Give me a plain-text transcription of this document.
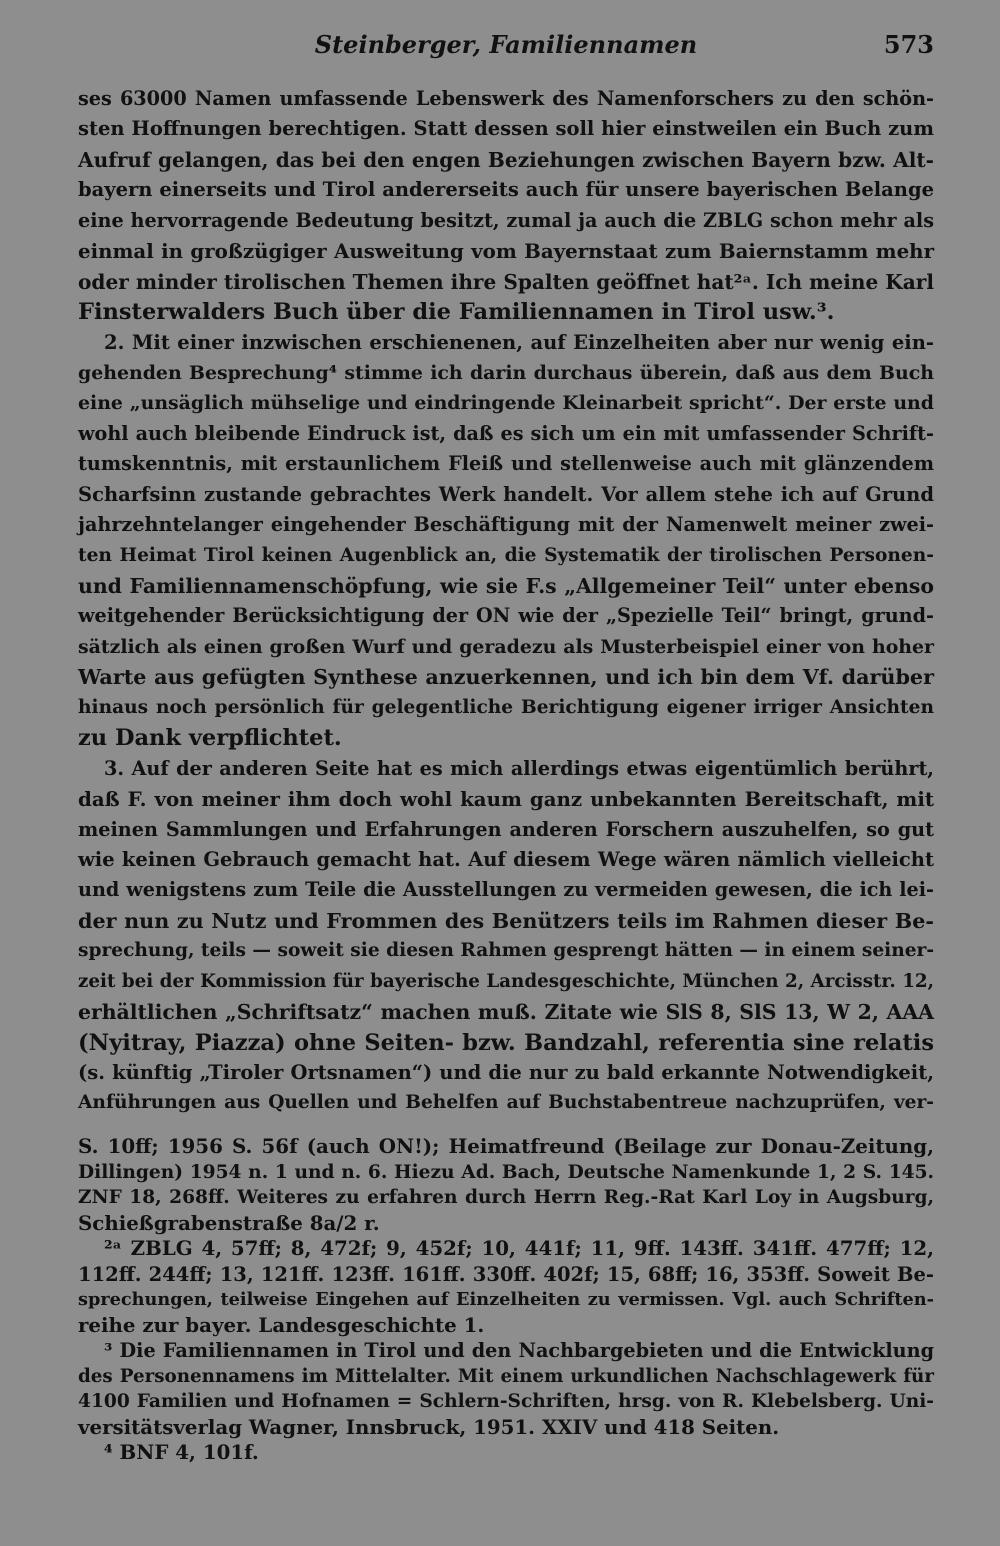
Steinberger, Familiennamen	573
ses 63000 Namen umfassende Lebenswerk des Namenforschers zu den schön-
sten Hoffnungen berechtigen. Statt dessen soll hier einstweilen ein Buch zum
Aufruf gelangen, das bei den engen Beziehungen zwischen Bayern bzw. Alt-
bayern einerseits und Tirol andererseits auch für unsere bayerischen Belange
eine hervorragende Bedeutung besitzt, zumal ja auch die ZBLG schon mehr als
einmal in großzügiger Ausweitung vom Bayernstaat zum Baiernstamm mehr
oder minder tirolischen Themen ihre Spalten geöffnet hat²ᵃ. Ich meine Karl
Finsterwalders Buch über die Familiennamen in Tirol usw.³.
2. Mit einer inzwischen erschienenen, auf Einzelheiten aber nur wenig ein-
gehenden Besprechung⁴ stimme ich darin durchaus überein, daß aus dem Buch
eine „unsäglich mühselige und eindringende Kleinarbeit spricht“. Der erste und
wohl auch bleibende Eindruck ist, daß es sich um ein mit umfassender Schrift-
tumskenntnis, mit erstaunlichem Fleiß und stellenweise auch mit glänzendem
Scharfsinn zustande gebrachtes Werk handelt. Vor allem stehe ich auf Grund
jahrzehntelanger eingehender Beschäftigung mit der Namenwelt meiner zwei-
ten Heimat Tirol keinen Augenblick an, die Systematik der tirolischen Personen-
und Familiennamenschöpfung, wie sie F.s „Allgemeiner Teil“ unter ebenso
weitgehender Berücksichtigung der ON wie der „Spezielle Teil“ bringt, grund-
sätzlich als einen großen Wurf und geradezu als Musterbeispiel einer von hoher
Warte aus gefügten Synthese anzuerkennen, und ich bin dem Vf. darüber
hinaus noch persönlich für gelegentliche Berichtigung eigener irriger Ansichten
zu Dank verpflichtet.
3. Auf der anderen Seite hat es mich allerdings etwas eigentümlich berührt,
daß F. von meiner ihm doch wohl kaum ganz unbekannten Bereitschaft, mit
meinen Sammlungen und Erfahrungen anderen Forschern auszuhelfen, so gut
wie keinen Gebrauch gemacht hat. Auf diesem Wege wären nämlich vielleicht
und wenigstens zum Teile die Ausstellungen zu vermeiden gewesen, die ich lei-
der nun zu Nutz und Frommen des Benützers teils im Rahmen dieser Be-
sprechung, teils — soweit sie diesen Rahmen gesprengt hätten — in einem seiner-
zeit bei der Kommission für bayerische Landesgeschichte, München 2, Arcisstr. 12,
erhältlichen „Schriftsatz“ machen muß. Zitate wie SlS 8, SlS 13, W 2, AAA
(Nyitray, Piazza) ohne Seiten- bzw. Bandzahl, referentia sine relatis
(s. künftig „Tiroler Ortsnamen“) und die nur zu bald erkannte Notwendigkeit,
Anführungen aus Quellen und Behelfen auf Buchstabentreue nachzuprüfen, ver-
S. 10ff; 1956 S. 56f (auch ON!); Heimatfreund (Beilage zur Donau-Zeitung,
Dillingen) 1954 n. 1 und n. 6. Hiezu Ad. Bach, Deutsche Namenkunde 1, 2 S. 145.
ZNF 18, 268ff. Weiteres zu erfahren durch Herrn Reg.-Rat Karl Loy in Augsburg,
Schießgrabenstraße 8a/2 r.
²ᵃ ZBLG 4, 57ff; 8, 472f; 9, 452f; 10, 441f; 11, 9ff. 143ff. 341ff. 477ff; 12,
112ff. 244ff; 13, 121ff. 123ff. 161ff. 330ff. 402f; 15, 68ff; 16, 353ff. Soweit Be-
sprechungen, teilweise Eingehen auf Einzelheiten zu vermissen. Vgl. auch Schriften-
reihe zur bayer. Landesgeschichte 1.
³ Die Familiennamen in Tirol und den Nachbargebieten und die Entwicklung
des Personennamens im Mittelalter. Mit einem urkundlichen Nachschlagewerk für
4100 Familien und Hofnamen = Schlern-Schriften, hrsg. von R. Klebelsberg. Uni-
versitätsverlag Wagner, Innsbruck, 1951. XXIV und 418 Seiten.
⁴ BNF 4, 101f.
